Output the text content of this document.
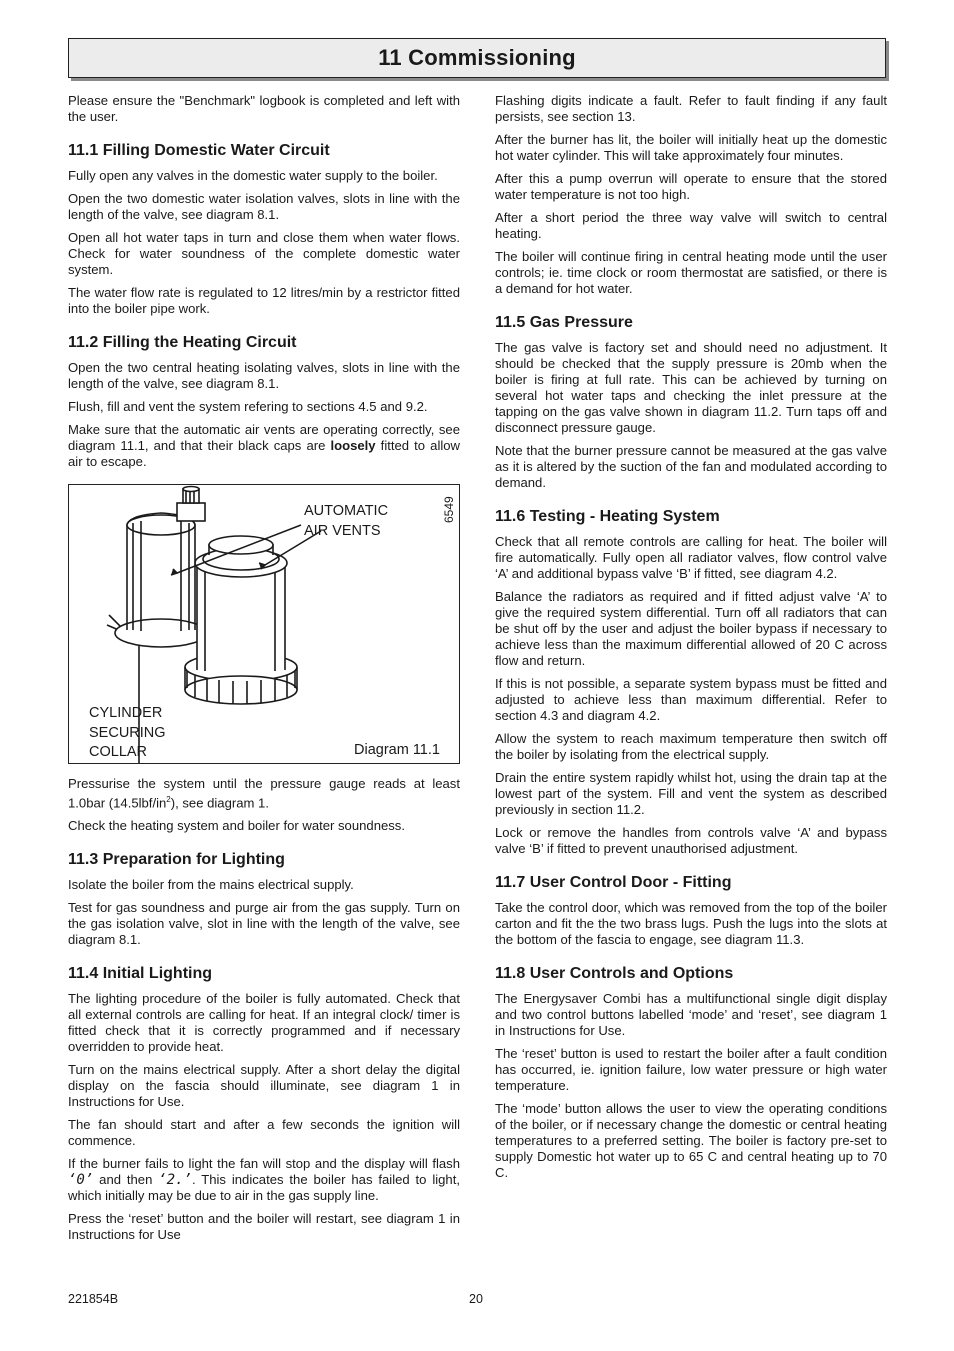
11 Commissioning

Please ensure the "Benchmark" logbook is completed and left with the user.

11.1 Filling Domestic Water Circuit

Fully open any valves in the domestic water supply to the boiler.

Open the two domestic water isolation valves, slots in line with the length of the valve, see diagram 8.1.

Open all hot water taps in turn and close them when water flows. Check for water soundness of the complete domestic water system.

The water flow rate is regulated to 12 litres/min by a restrictor fitted into the boiler pipe work.

11.2 Filling the Heating Circuit

Open the two central heating isolating valves, slots in line with the length of the valve, see diagram 8.1.

Flush, fill and vent the system refering to sections 4.5 and 9.2.

Make sure that the automatic air vents are operating correctly, see diagram 11.1, and that their black caps are loosely fitted to allow air to escape.

AUTOMATIC
AIR VENTS
CYLINDER
SECURING
COLLAR	Diagram 11.1
6549

Pressurise the system until the pressure gauge reads at least 1.0bar $(14.5lbf/in^2)$, see diagram 1.

Check the heating system and boiler for water soundness.

11.3 Preparation for Lighting

Isolate the boiler from the mains electrical supply.

Test for gas soundness and purge air from the gas supply. Turn on the gas isolation valve, slot in line with the length of the valve, see diagram 8.1.

11.4 Initial Lighting

The lighting procedure of the boiler is fully automated. Check that all external controls are calling for heat. If an integral clock/ timer is fitted check that it is correctly programmed and if necessary overridden to provide heat.

Turn on the mains electrical supply. After a short delay the digital display on the fascia should illuminate, see diagram 1 in Instructions for Use.

The fan should start and after a few seconds the ignition will commence.

If the burner fails to light the fan will stop and the display will flash ‘0’ and then ‘2.’. This indicates the boiler has failed to light, which initially may be due to air in the gas supply line.

Press the ‘reset’ button and the boiler will restart, see diagram 1 in Instructions for Use

Flashing digits indicate a fault. Refer to fault finding if any fault persists, see section 13.

After the burner has lit, the boiler will initially heat up the domestic hot water cylinder. This will take approximately four minutes.

After this a pump overrun will operate to ensure that the stored water temperature is not too high.

After a short period the three way valve will switch to central heating.

The boiler will continue firing in central heating mode until the user controls; ie. time clock or room thermostat are satisfied, or there is a demand for hot water.

11.5 Gas Pressure

The gas valve is factory set and should need no adjustment. It should be checked that the supply pressure is 20mb when the boiler is firing at full rate. This can be achieved by turning on several hot water taps and checking the inlet pressure at the tapping on the gas valve shown in diagram 11.2. Turn taps off and disconnect pressure gauge.

Note that the burner pressure cannot be measured at the gas valve as it is altered by the suction of the fan and modulated according to demand.

11.6 Testing - Heating System

Check that all remote controls are calling for heat. The boiler will fire automatically. Fully open all radiator valves, flow control valve ‘A’ and additional bypass valve ‘B’ if fitted, see diagram 4.2.

Balance the radiators as required and if fitted adjust valve ‘A’ to give the required system differential. Turn off all radiators that can be shut off by the user and adjust the boiler bypass if necessary to achieve less than the maximum differential allowed of 20 C across flow and return.

If this is not possible, a separate system bypass must be fitted and adjusted to achieve less than maximum differential. Refer to section 4.3 and diagram 4.2.

Allow the system to reach maximum temperature then switch off the boiler by isolating from the electrical supply.

Drain the entire system rapidly whilst hot, using the drain tap at the lowest part of the system. Fill and vent the system as described previously in section 11.2.

Lock or remove the handles from controls valve ‘A’ and bypass valve ‘B’ if fitted to prevent unauthorised adjustment.

11.7 User Control Door - Fitting

Take the control door, which was removed from the top of the boiler carton and fit the the two brass lugs. Push the lugs into the slots at the bottom of the fascia to engage, see diagram 11.3.

11.8 User Controls and Options

The Energysaver Combi has a multifunctional single digit display and two control buttons labelled ‘mode’ and ‘reset’, see diagram 1 in Instructions for Use.

The ‘reset’ button is used to restart the boiler after a fault condition has occurred, ie. ignition failure, low water pressure or high water temperature.

The ‘mode’ button allows the user to view the operating conditions of the boiler, or if necessary change the domestic or central heating temperatures to a preferred setting. The boiler is factory pre-set to supply Domestic hot water up to 65 C and central heating up to 70 C.

221854B	20
